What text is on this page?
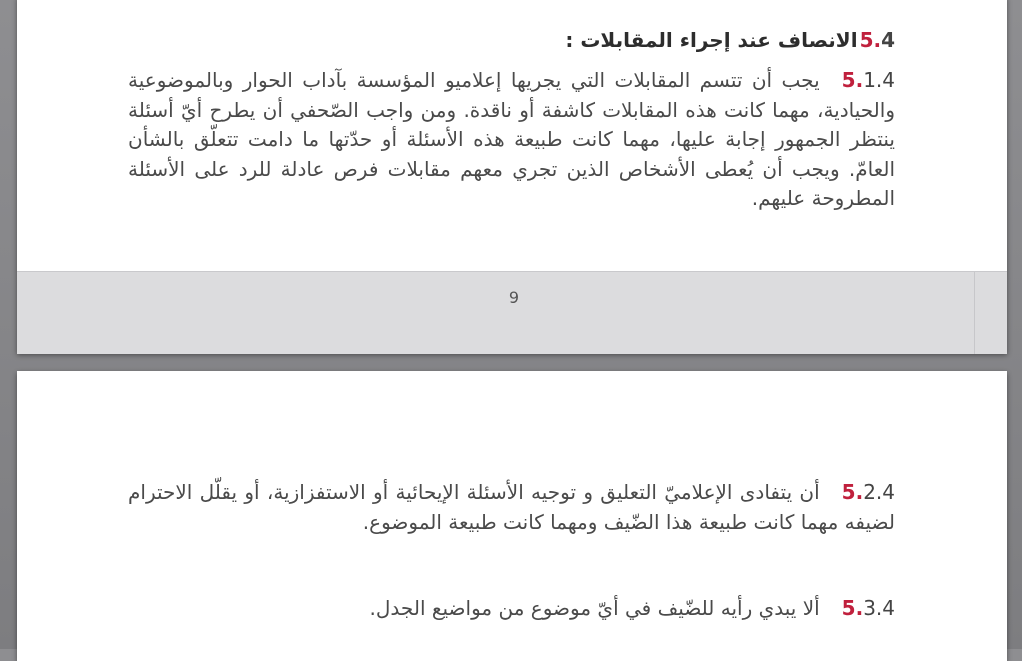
5.4الانصاف عند إجراء المقابلات :
5.1.4يجب أن تتسم المقابلات التي يجريها إعلاميو المؤسسة بآداب الحوار وبالموضوعية والحيادية، مهما كانت هذه المقابلات كاشفة أو ناقدة. ومن واجب الصّحفي أن يطرح أيّ أسئلة ينتظر الجمهور إجابة عليها، مهما كانت طبيعة هذه الأسئلة أو حدّتها ما دامت تتعلّق بالشأن العامّ. ويجب أن يُعطى الأشخاص الذين تجري معهم مقابلات فرص عادلة للرد على الأسئلة المطروحة عليهم.
9
5.2.4أن يتفادى الإعلاميّ التعليق و توجيه الأسئلة الإيحائية أو الاستفزازية، أو يقلّل الاحترام لضيفه مهما كانت طبيعة هذا الضّيف ومهما كانت طبيعة الموضوع.
5.3.4ألا يبدي رأيه للضّيف في أيّ موضوع من مواضيع الجدل.
